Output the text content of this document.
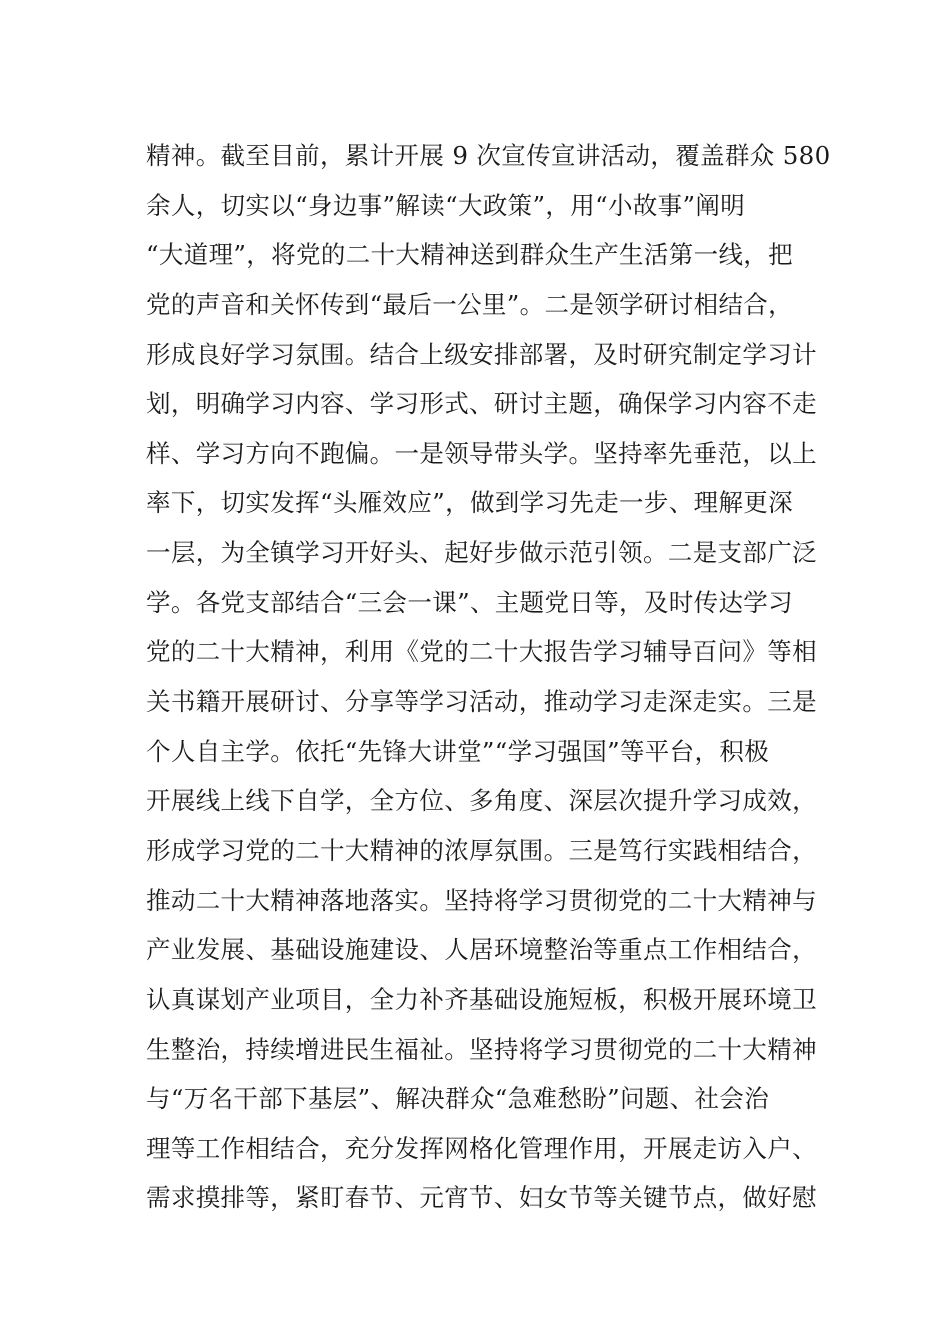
精神。截至目前，累计开展 9 次宣传宣讲活动，覆盖群众 580
余人，切实以“身边事”解读“大政策”，用“小故事”阐明
“大道理”，将党的二十大精神送到群众生产生活第一线，把
党的声音和关怀传到“最后一公里”。二是领学研讨相结合，
形成良好学习氛围。结合上级安排部署，及时研究制定学习计
划，明确学习内容、学习形式、研讨主题，确保学习内容不走
样、学习方向不跑偏。一是领导带头学。坚持率先垂范，以上
率下，切实发挥“头雁效应”，做到学习先走一步、理解更深
一层，为全镇学习开好头、起好步做示范引领。二是支部广泛
学。各党支部结合“三会一课”、主题党日等，及时传达学习
党的二十大精神，利用《党的二十大报告学习辅导百问》等相
关书籍开展研讨、分享等学习活动，推动学习走深走实。三是
个人自主学。依托“先锋大讲堂”“学习强国”等平台，积极
开展线上线下自学，全方位、多角度、深层次提升学习成效，
形成学习党的二十大精神的浓厚氛围。三是笃行实践相结合，
推动二十大精神落地落实。坚持将学习贯彻党的二十大精神与
产业发展、基础设施建设、人居环境整治等重点工作相结合，
认真谋划产业项目，全力补齐基础设施短板，积极开展环境卫
生整治，持续增进民生福祉。坚持将学习贯彻党的二十大精神
与“万名干部下基层”、解决群众“急难愁盼”问题、社会治
理等工作相结合，充分发挥网格化管理作用，开展走访入户、
需求摸排等，紧盯春节、元宵节、妇女节等关键节点，做好慰
